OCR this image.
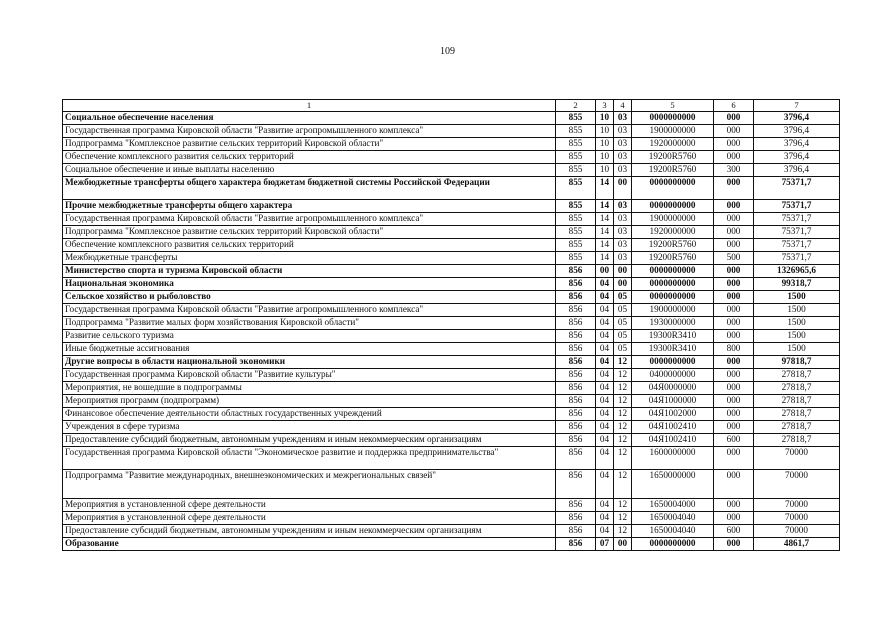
109
1	2	3	4	5	6	7
Социальное обеспечение населения	855	10	03	0000000000	000	3796,4
Государственная программа Кировской области "Развитие агропромышленного комплекса"	855	10	03	1900000000	000	3796,4
Подпрограмма "Комплексное развитие сельских территорий Кировской области"	855	10	03	1920000000	000	3796,4
Обеспечение комплексного развития сельских территорий	855	10	03	19200R5760	000	3796,4
Социальное обеспечение и иные выплаты населению	855	10	03	19200R5760	300	3796,4
Межбюджетные трансферты общего характера бюджетам бюджетной системы Российской Федерации	855	14	00	0000000000	000	75371,7
Прочие межбюджетные трансферты общего характера	855	14	03	0000000000	000	75371,7
Государственная программа Кировской области "Развитие агропромышленного комплекса"	855	14	03	1900000000	000	75371,7
Подпрограмма "Комплексное развитие сельских территорий Кировской области"	855	14	03	1920000000	000	75371,7
Обеспечение комплексного развития сельских территорий	855	14	03	19200R5760	000	75371,7
Межбюджетные трансферты	855	14	03	19200R5760	500	75371,7
Министерство спорта и туризма Кировской области	856	00	00	0000000000	000	1326965,6
Национальная экономика	856	04	00	0000000000	000	99318,7
Сельское хозяйство и рыболовство	856	04	05	0000000000	000	1500
Государственная программа Кировской области "Развитие агропромышленного комплекса"	856	04	05	1900000000	000	1500
Подпрограмма "Развитие малых форм хозяйствования Кировской области"	856	04	05	1930000000	000	1500
Развитие сельского туризма	856	04	05	19300R3410	000	1500
Иные бюджетные ассигнования	856	04	05	19300R3410	800	1500
Другие вопросы в области национальной экономики	856	04	12	0000000000	000	97818,7
Государственная программа Кировской области "Развитие культуры"	856	04	12	0400000000	000	27818,7
Мероприятия, не вошедшие в подпрограммы	856	04	12	04Я0000000	000	27818,7
Мероприятия программ (подпрограмм)	856	04	12	04Я1000000	000	27818,7
Финансовое обеспечение деятельности областных государственных учреждений	856	04	12	04Я1002000	000	27818,7
Учреждения в сфере туризма	856	04	12	04Я1002410	000	27818,7
Предоставление субсидий бюджетным, автономным учреждениям и иным некоммерческим организациям	856	04	12	04Я1002410	600	27818,7
Государственная программа Кировской области "Экономическое развитие и поддержка предпринимательства"	856	04	12	1600000000	000	70000
Подпрограмма "Развитие международных, внешнеэкономических и межрегиональных связей"	856	04	12	1650000000	000	70000
Мероприятия в установленной сфере деятельности	856	04	12	1650004000	000	70000
Мероприятия в установленной сфере деятельности	856	04	12	1650004040	000	70000
Предоставление субсидий бюджетным, автономным учреждениям и иным некоммерческим организациям	856	04	12	1650004040	600	70000
Образование	856	07	00	0000000000	000	4861,7
